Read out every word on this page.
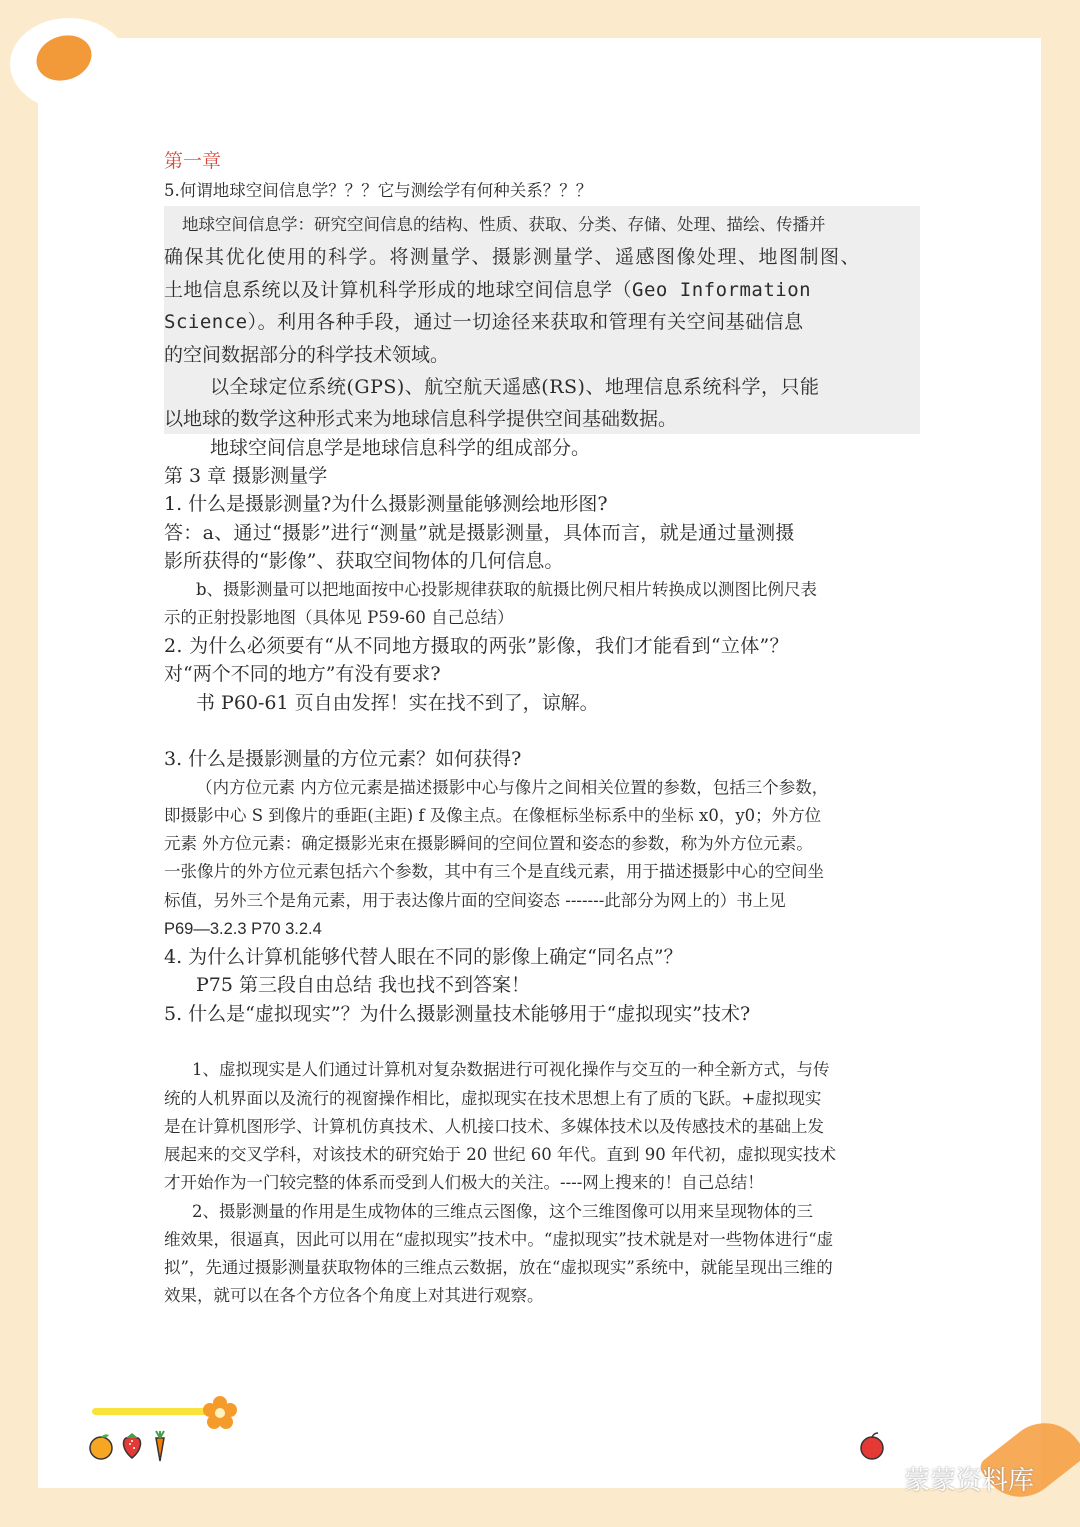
第一章
5.何谓地球空间信息学？？？它与测绘学有何种关系？？？
地球空间信息学：研究空间信息的结构、性质、获取、分类、存储、处理、描绘、传播并
确保其优化使用的科学。将测量学、摄影测量学、遥感图像处理、地图制图、
土地信息系统以及计算机科学形成的地球空间信息学（Geo Information
Science）。利用各种手段，通过一切途径来获取和管理有关空间基础信息
的空间数据部分的科学技术领域。
以全球定位系统(GPS)、航空航天遥感(RS)、地理信息系统科学，只能
以地球的数学这种形式来为地球信息科学提供空间基础数据。
地球空间信息学是地球信息科学的组成部分。
第 3 章 摄影测量学
1. 什么是摄影测量?为什么摄影测量能够测绘地形图?
答：a、通过“摄影”进行“测量”就是摄影测量，具体而言，就是通过量测摄
影所获得的“影像”、获取空间物体的几何信息。
b、摄影测量可以把地面按中心投影规律获取的航摄比例尺相片转换成以测图比例尺表
示的正射投影地图（具体见 P59-60 自己总结）
2. 为什么必须要有“从不同地方摄取的两张”影像，我们才能看到“立体”？
对“两个不同的地方”有没有要求?
书 P60-61 页自由发挥！实在找不到了，谅解。
3. 什么是摄影测量的方位元素？如何获得?
（内方位元素 内方位元素是描述摄影中心与像片之间相关位置的参数，包括三个参数，
即摄影中心 S 到像片的垂距(主距) f 及像主点。在像框标坐标系中的坐标 x0，y0；外方位
元素 外方位元素：确定摄影光束在摄影瞬间的空间位置和姿态的参数，称为外方位元素。
一张像片的外方位元素包括六个参数，其中有三个是直线元素，用于描述摄影中心的空间坐
标值，另外三个是角元素，用于表达像片面的空间姿态 -------此部分为网上的）书上见
P69—3.2.3 P70 3.2.4
4. 为什么计算机能够代替人眼在不同的影像上确定“同名点”？
P75 第三段自由总结 我也找不到答案！
5. 什么是“虚拟现实”？为什么摄影测量技术能够用于“虚拟现实”技术?
1、虚拟现实是人们通过计算机对复杂数据进行可视化操作与交互的一种全新方式，与传
统的人机界面以及流行的视窗操作相比，虚拟现实在技术思想上有了质的飞跃。+虚拟现实
是在计算机图形学、计算机仿真技术、人机接口技术、多媒体技术以及传感技术的基础上发
展起来的交叉学科，对该技术的研究始于 20 世纪 60 年代。直到 90 年代初，虚拟现实技术
才开始作为一门较完整的体系而受到人们极大的关注。----网上搜来的！自己总结！
2、摄影测量的作用是生成物体的三维点云图像，这个三维图像可以用来呈现物体的三
维效果，很逼真，因此可以用在“虚拟现实”技术中。“虚拟现实”技术就是对一些物体进行“虚
拟”，先通过摄影测量获取物体的三维点云数据，放在“虚拟现实”系统中，就能呈现出三维的
效果，就可以在各个方位各个角度上对其进行观察。
蒙蒙资料库
